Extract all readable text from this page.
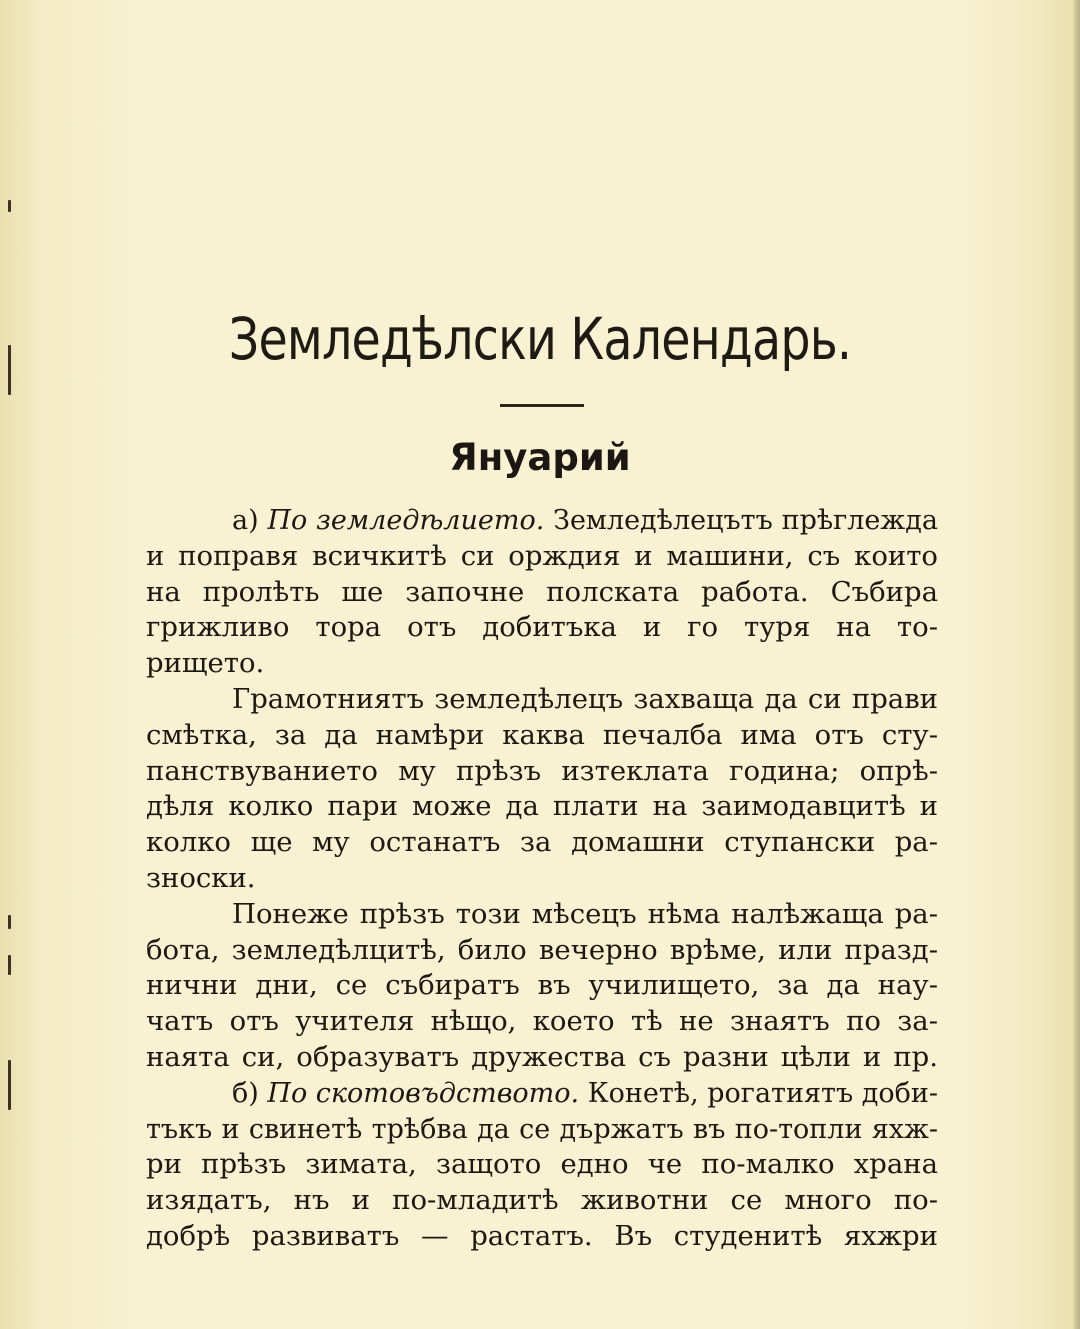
Земледѣлски Календарь.
Януарий
а) По земледѣлието. Земледѣлецътъ прѣглежда
и поправя всичкитѣ си орждия и машини, съ които
на пролѣть ше започне полската работа. Събира
грижливо тора отъ добитъка и го туря на то-
рището.
Грамотниятъ земледѣлецъ захваща да си прави
смѣтка, за да намѣри каква печалба има отъ сту-
панствуванието му прѣзъ изтеклата година; опрѣ-
дѣля колко пари може да плати на заимодавцитѣ и
колко ще му останатъ за домашни ступански ра-
зноски.
Понеже прѣзъ този мѣсецъ нѣма налѣжаща ра-
бота, земледѣлцитѣ, било вечерно врѣме, или празд-
нични дни, се събиратъ въ училището, за да нау-
чатъ отъ учителя нѣщо, което тѣ не знаятъ по за-
наята си, образуватъ дружества съ разни цѣли и пр.
б) По скотовъдството. Конетѣ, рогатиятъ доби-
тъкъ и свинетѣ трѣбва да се държатъ въ по-топли яхж-
ри прѣзъ зимата, защото едно че по-малко храна
изядатъ, нъ и по-младитѣ животни се много по-
добрѣ развиватъ — растатъ. Въ студенитѣ яхжри
